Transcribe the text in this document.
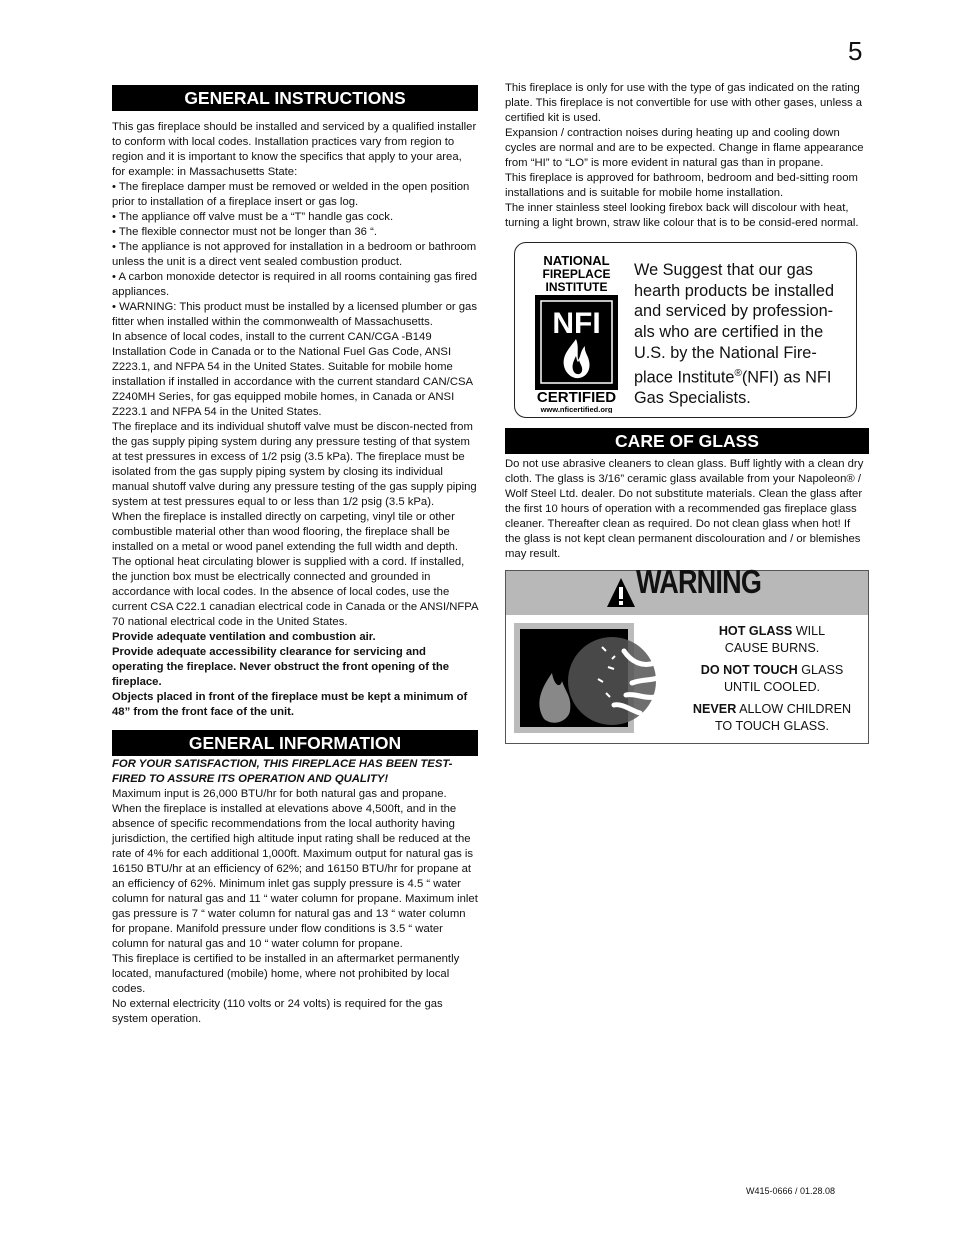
5
GENERAL INSTRUCTIONS

This gas fireplace should be installed and serviced by a qualified installer to conform with local codes. Installation practices vary from region to region and it is important to know the specifics that apply to your area,

for example: in Massachusetts State:

• The fireplace damper must be removed or welded in the open position prior to installation of a fireplace insert or gas log.

• The appliance off valve must be a “T” handle gas cock.

• The flexible connector must not be longer than 36 “.

• The appliance is not approved for installation in a bedroom or bathroom unless the unit is a direct vent sealed combustion product.

• A carbon monoxide detector is required in all rooms containing gas fired appliances.

• WARNING: This product must be installed by a licensed plumber or gas fitter when installed within the commonwealth of Massachusetts.

In absence of local codes, install to the current CAN/CGA -B149 Installation Code in Canada or to the National Fuel Gas Code, ANSI Z223.1, and NFPA 54 in the United States. Suitable for mobile home installation if installed in accordance with the current standard CAN/CSA Z240MH Series, for gas equipped mobile homes, in Canada or ANSI Z223.1 and NFPA 54 in the United States.

The fireplace and its individual shutoff valve must be discon-nected from the gas supply piping system during any pressure testing of that system at test pressures in excess of 1/2 psig (3.5 kPa). The fireplace must be isolated from the gas supply piping system by closing its individual manual shutoff valve during any pressure testing of the gas supply piping system at test pressures equal to or less than 1/2 psig (3.5 kPa).

When the fireplace is installed directly on carpeting, vinyl tile or other combustible material other than wood flooring, the fireplace shall be installed on a metal or wood panel extending the full width and depth.

The optional heat circulating blower is supplied with a cord. If installed, the junction box must be electrically connected and grounded in accordance with local codes. In the absence of local codes, use the current CSA C22.1 canadian electrical code in Canada or the ANSI/NFPA 70 national electrical code in the United States.

Provide adequate ventilation and combustion air.

Provide adequate accessibility clearance for servicing and operating the fireplace. Never obstruct the front opening of the fireplace.

Objects placed in front of the fireplace must be kept a minimum of 48” from the front face of the unit.

GENERAL INFORMATION

FOR YOUR SATISFACTION, THIS FIREPLACE HAS BEEN TEST-FIRED TO ASSURE ITS OPERATION AND QUALITY!

Maximum input is 26,000 BTU/hr for both natural gas and propane. When the fireplace is installed at elevations above 4,500ft, and in the absence of specific recommendations from the local authority having jurisdiction, the certified high altitude input rating shall be reduced at the rate of 4% for each additional 1,000ft. Maximum output for natural gas is 16150 BTU/hr at an efficiency of 62%; and 16150 BTU/hr for propane at an efficiency of 62%. Minimum inlet gas supply pressure is 4.5 “ water column for natural gas and 11 “ water column for propane. Maximum inlet gas pressure is 7 “ water column for natural gas and 13 “ water column for propane. Manifold pressure under flow conditions is 3.5 “ water column for natural gas and 10 “ water column for propane.

This fireplace is certified to be installed in an aftermarket permanently located, manufactured (mobile) home, where not prohibited by local codes.

No external electricity (110 volts or 24 volts) is required for the gas system operation.

This fireplace is only for use with the type of gas indicated on the rating plate. This fireplace is not convertible for use with other gases, unless a certified kit is used.

Expansion / contraction noises during heating up and cooling down cycles are normal and are to be expected. Change in flame appearance from “HI” to “LO” is more evident in natural gas than in propane.

This fireplace is approved for bathroom, bedroom and bed-sitting room installations and is suitable for mobile home installation.

The inner stainless steel looking firebox back will discolour with heat, turning a light brown, straw like colour that is to be consid-ered normal.

NATIONAL
FIREPLACE
INSTITUTE
NFI
CERTIFIED
www.nficertified.org
We Suggest that our gas hearth products be installed and serviced by profession-als who are certified in the U.S. by the National Fire-place Institute®(NFI) as NFI Gas Specialists.
CARE OF GLASS

Do not use abrasive cleaners to clean glass. Buff lightly with a clean dry cloth. The glass is 3/16” ceramic glass available from your Napoleon® / Wolf Steel Ltd. dealer. Do not substitute materials. Clean the glass after the first 10 hours of operation with a recommended gas fireplace glass cleaner. Thereafter clean as required. Do not clean glass when hot! If the glass is not kept clean permanent discolouration and / or blemishes may result.

WARNING
HOT GLASS WILL
CAUSE BURNS.
DO NOT TOUCH GLASS
UNTIL COOLED.
NEVER ALLOW CHILDREN
TO TOUCH GLASS.
W415-0666 / 01.28.08
